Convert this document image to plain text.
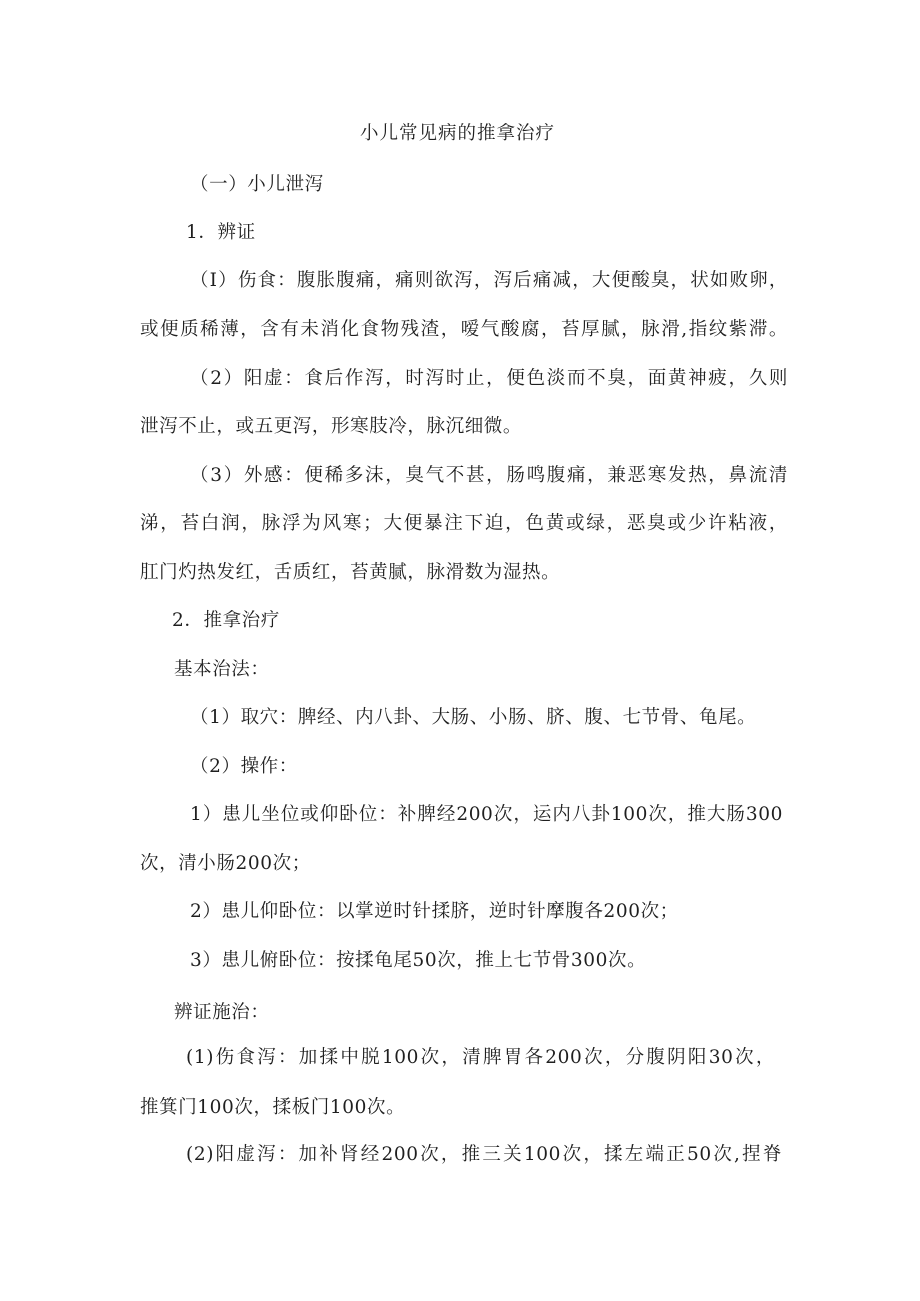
小儿常见病的推拿治疗
（一）小儿泄泻
1．辨证
（I）伤食：腹胀腹痛，痛则欲泻，泻后痛减，大便酸臭，状如败卵，
或便质稀薄，含有未消化食物残渣，嗳气酸腐，苔厚腻，脉滑,指纹紫滞。
（2）阳虚：食后作泻，时泻时止，便色淡而不臭，面黄神疲，久则
泄泻不止，或五更泻，形寒肢冷，脉沉细微。
（3）外感：便稀多沫，臭气不甚，肠鸣腹痛，兼恶寒发热，鼻流清
涕，苔白润，脉浮为风寒；大便暴注下迫，色黄或绿，恶臭或少许粘液，
肛门灼热发红，舌质红，苔黄腻，脉滑数为湿热。
2．推拿治疗
基本治法：
（1）取穴：脾经、内八卦、大肠、小肠、脐、腹、七节骨、龟尾。
（2）操作：
1）患儿坐位或仰卧位：补脾经200次，运内八卦100次，推大肠300
次，清小肠200次；
2）患儿仰卧位：以掌逆时针揉脐，逆时针摩腹各200次；
3）患儿俯卧位：按揉龟尾50次，推上七节骨300次。
辨证施治：
(1)伤食泻：加揉中脱100次，清脾胃各200次，分腹阴阳30次，
推箕门100次，揉板门100次。
(2)阳虚泻：加补肾经200次，推三关100次，揉左端正50次,捏脊
